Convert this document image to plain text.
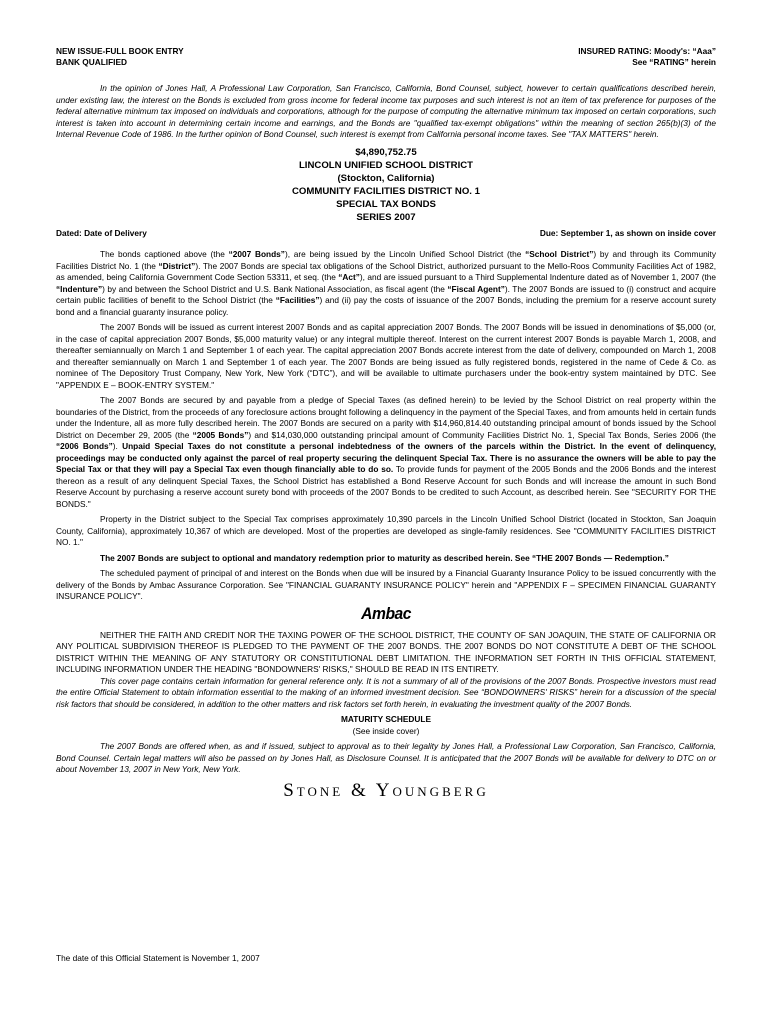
NEW ISSUE-FULL BOOK ENTRY
BANK QUALIFIED
INSURED RATING: Moody's: “Aaa”
See “RATING” herein

In the opinion of Jones Hall, A Professional Law Corporation, San Francisco, California, Bond Counsel, subject, however to certain qualifications described herein, under existing law, the interest on the Bonds is excluded from gross income for federal income tax purposes and such interest is not an item of tax preference for purposes of the federal alternative minimum tax imposed on individuals and corporations, although for the purpose of computing the alternative minimum tax imposed on certain corporations, such interest is taken into account in determining certain income and earnings, and the Bonds are "qualified tax-exempt obligations" within the meaning of section 265(b)(3) of the Internal Revenue Code of 1986. In the further opinion of Bond Counsel, such interest is exempt from California personal income taxes. See "TAX MATTERS" herein.

$4,890,752.75
LINCOLN UNIFIED SCHOOL DISTRICT
(Stockton, California)
COMMUNITY FACILITIES DISTRICT NO. 1
SPECIAL TAX BONDS
SERIES 2007
Dated: Date of Delivery	Due: September 1, as shown on inside cover

The bonds captioned above (the “2007 Bonds”), are being issued by the Lincoln Unified School District (the “School District”) by and through its Community Facilities District No. 1 (the “District”). The 2007 Bonds are special tax obligations of the School District, authorized pursuant to the Mello-Roos Community Facilities Act of 1982, as amended, being California Government Code Section 53311, et seq. (the “Act”), and are issued pursuant to a Third Supplemental Indenture dated as of November 1, 2007 (the “Indenture”) by and between the School District and U.S. Bank National Association, as fiscal agent (the “Fiscal Agent”). The 2007 Bonds are issued to (i) construct and acquire certain public facilities of benefit to the School District (the “Facilities”) and (ii) pay the costs of issuance of the 2007 Bonds, including the premium for a reserve account surety bond and a financial guaranty insurance policy.

The 2007 Bonds will be issued as current interest 2007 Bonds and as capital appreciation 2007 Bonds. The 2007 Bonds will be issued in denominations of $5,000 (or, in the case of capital appreciation 2007 Bonds, $5,000 maturity value) or any integral multiple thereof. Interest on the current interest 2007 Bonds is payable March 1, 2008, and thereafter semiannually on March 1 and September 1 of each year. The capital appreciation 2007 Bonds accrete interest from the date of delivery, compounded on March 1, 2008 and thereafter semiannually on March 1 and September 1 of each year. The 2007 Bonds are being issued as fully registered bonds, registered in the name of Cede & Co. as nominee of The Depository Trust Company, New York, New York (“DTC”), and will be available to ultimate purchasers under the book-entry system maintained by DTC. See "APPENDIX E – BOOK-ENTRY SYSTEM."

The 2007 Bonds are secured by and payable from a pledge of Special Taxes (as defined herein) to be levied by the School District on real property within the boundaries of the District, from the proceeds of any foreclosure actions brought following a delinquency in the payment of the Special Taxes, and from amounts held in certain funds under the Indenture, all as more fully described herein. The 2007 Bonds are secured on a parity with $14,960,814.40 outstanding principal amount of bonds issued by the School District on December 29, 2005 (the “2005 Bonds”) and $14,030,000 outstanding principal amount of Community Facilities District No. 1, Special Tax Bonds, Series 2006 (the “2006 Bonds”). Unpaid Special Taxes do not constitute a personal indebtedness of the owners of the parcels within the District. In the event of delinquency, proceedings may be conducted only against the parcel of real property securing the delinquent Special Tax. There is no assurance the owners will be able to pay the Special Tax or that they will pay a Special Tax even though financially able to do so. To provide funds for payment of the 2005 Bonds and the 2006 Bonds and the interest thereon as a result of any delinquent Special Taxes, the School District has established a Bond Reserve Account for such Bonds and will increase the amount in such Bond Reserve Account by purchasing a reserve account surety bond with proceeds of the 2007 Bonds to be credited to such Account, as described herein. See "SECURITY FOR THE BONDS."

Property in the District subject to the Special Tax comprises approximately 10,390 parcels in the Lincoln Unified School District (located in Stockton, San Joaquin County, California), approximately 10,367 of which are developed. Most of the properties are developed as single-family residences. See "COMMUNITY FACILITIES DISTRICT NO. 1."

The 2007 Bonds are subject to optional and mandatory redemption prior to maturity as described herein. See “THE 2007 Bonds — Redemption.”

The scheduled payment of principal of and interest on the Bonds when due will be insured by a Financial Guaranty Insurance Policy to be issued concurrently with the delivery of the Bonds by Ambac Assurance Corporation. See "FINANCIAL GUARANTY INSURANCE POLICY" herein and "APPENDIX F – SPECIMEN FINANCIAL GUARANTY INSURANCE POLICY".

Ambac

NEITHER THE FAITH AND CREDIT NOR THE TAXING POWER OF THE SCHOOL DISTRICT, THE COUNTY OF SAN JOAQUIN, THE STATE OF CALIFORNIA OR ANY POLITICAL SUBDIVISION THEREOF IS PLEDGED TO THE PAYMENT OF THE 2007 BONDS. THE 2007 BONDS DO NOT CONSTITUTE A DEBT OF THE SCHOOL DISTRICT WITHIN THE MEANING OF ANY STATUTORY OR CONSTITUTIONAL DEBT LIMITATION. THE INFORMATION SET FORTH IN THIS OFFICIAL STATEMENT, INCLUDING INFORMATION UNDER THE HEADING "BONDOWNERS' RISKS," SHOULD BE READ IN ITS ENTIRETY.

This cover page contains certain information for general reference only. It is not a summary of all of the provisions of the 2007 Bonds. Prospective investors must read the entire Official Statement to obtain information essential to the making of an informed investment decision. See “BONDOWNERS' RISKS” herein for a discussion of the special risk factors that should be considered, in addition to the other matters and risk factors set forth herein, in evaluating the investment quality of the 2007 Bonds.

MATURITY SCHEDULE
(See inside cover)

The 2007 Bonds are offered when, as and if issued, subject to approval as to their legality by Jones Hall, a Professional Law Corporation, San Francisco, California, Bond Counsel. Certain legal matters will also be passed on by Jones Hall, as Disclosure Counsel. It is anticipated that the 2007 Bonds will be available for delivery to DTC on or about November 13, 2007 in New York, New York.

Stone & Youngberg
The date of this Official Statement is November 1, 2007
